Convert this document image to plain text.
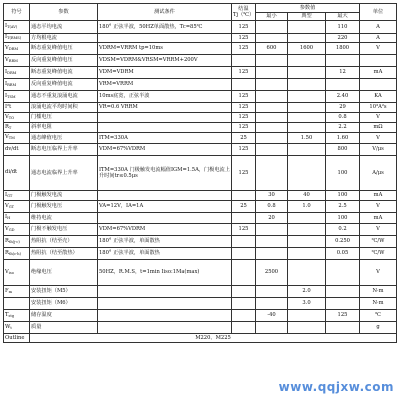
符号	参数	测试条件	结温
Tj（℃）	参数值			单位
				最小	典型	最大	
$I_{T(AV)}$	通态平均电流	180° 正弦半波，50HZ单面散热，Tc=85℃	125			110	A
$I_{T(RMS)}$	方均根电流		125			220	A
$V_{DRM}$	断态重复峰值电压	VDRM=VRRM tp=10ms	125	600	1600	1800	V
$V_{RRM}$	反向重复峰值电压	VDSM=VDRM&VRSM=VRRM+200V					
$I_{DRM}$	断态重复峰值电流	VDM=VDRM	125			12	mA
$I_{RRM}$	反向重复峰值电流	VRM=VRRM					
$I_{TSM}$	通态不重复浪涌电流	10ms底宽，正弦半波	125			2.40	KA
I²t	浪涌电流平均时间积	VR=0.6 VRRM	125			29	10³A²s
$V_{TO}$	门槛电压		125			0.8	V
$R_T$	斜率电阻		125			2.2	mΩ
$V_{TM}$	通态峰值电压	ITM=330A	25		1.50	1.60	V
dv/dt	断态电压临界上升率	VDM=67%VDRM	125			800	V/μs
di/dt	通态电流临界上升率	ITM=330A 门极触发电流幅值IGM=1.5A，门极电流上升时间tr≤0.5μs	125			100	A/μs
$I_{GT}$	门极触发电流			30	40	100	mA
$V_{GT}$	门极触发电压	VA=12V，IA=1A	25	0.8	1.0	2.5	V
$I_H$	维持电流			20		100	mA
$V_{GD}$	门极不触发电压	VDM=67%VDRM	125			0.2	V
$R_{th(j-c)}$	热阻抗（结至壳）	180° 正弦半波，单面散热				0.250	℃/W
$R_{th(c-h)}$	热阻抗（结至散热）	180° 正弦半波，单面散热				0.05	℃/W
$V_{iso}$	绝缘电压	50HZ，R.M.S，t=1min Iiso:1Ma(max)		2500			V
$F_m$	安装扭矩（M5）				2.0		N·m
	安装扭矩（M6）				3.0		N·m
$T_{stg}$	储存温度			-40		125	℃
$W_t$	质量						g
Outline	M220、M225						
www.qqjxw.com
